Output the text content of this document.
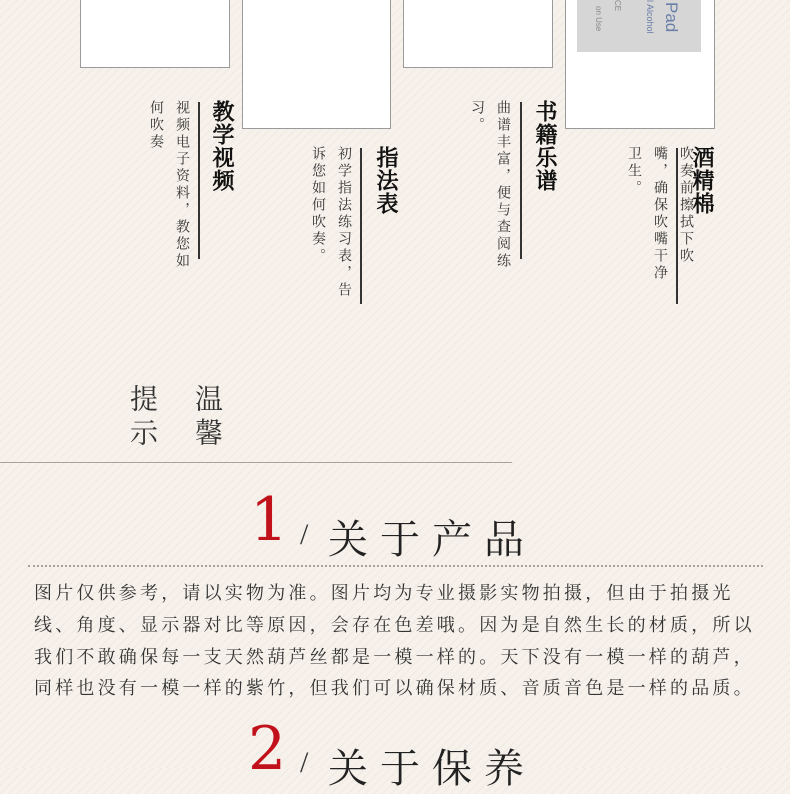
Pad
l Alcohol
CE
on Use
教学视频
视频电子资料，教您如何吹奏
指法表
初学指法练习表，告诉您如何吹奏。	书籍乐谱
曲谱丰富，便与查阅练习。
酒精棉
吹奏前擦拭下吹嘴，确保吹嘴干净卫生。
温馨
提示
1 / 关于产品
图片仅供参考，请以实物为准。图片均为专业摄影实物拍摄，但由于拍摄光线、角度、显示器对比等原因，会存在色差哦。因为是自然生长的材质，所以我们不敢确保每一支天然葫芦丝都是一模一样的。天下没有一模一样的葫芦，同样也没有一模一样的紫竹，但我们可以确保材质、音质音色是一样的品质。
2 / 关于保养
